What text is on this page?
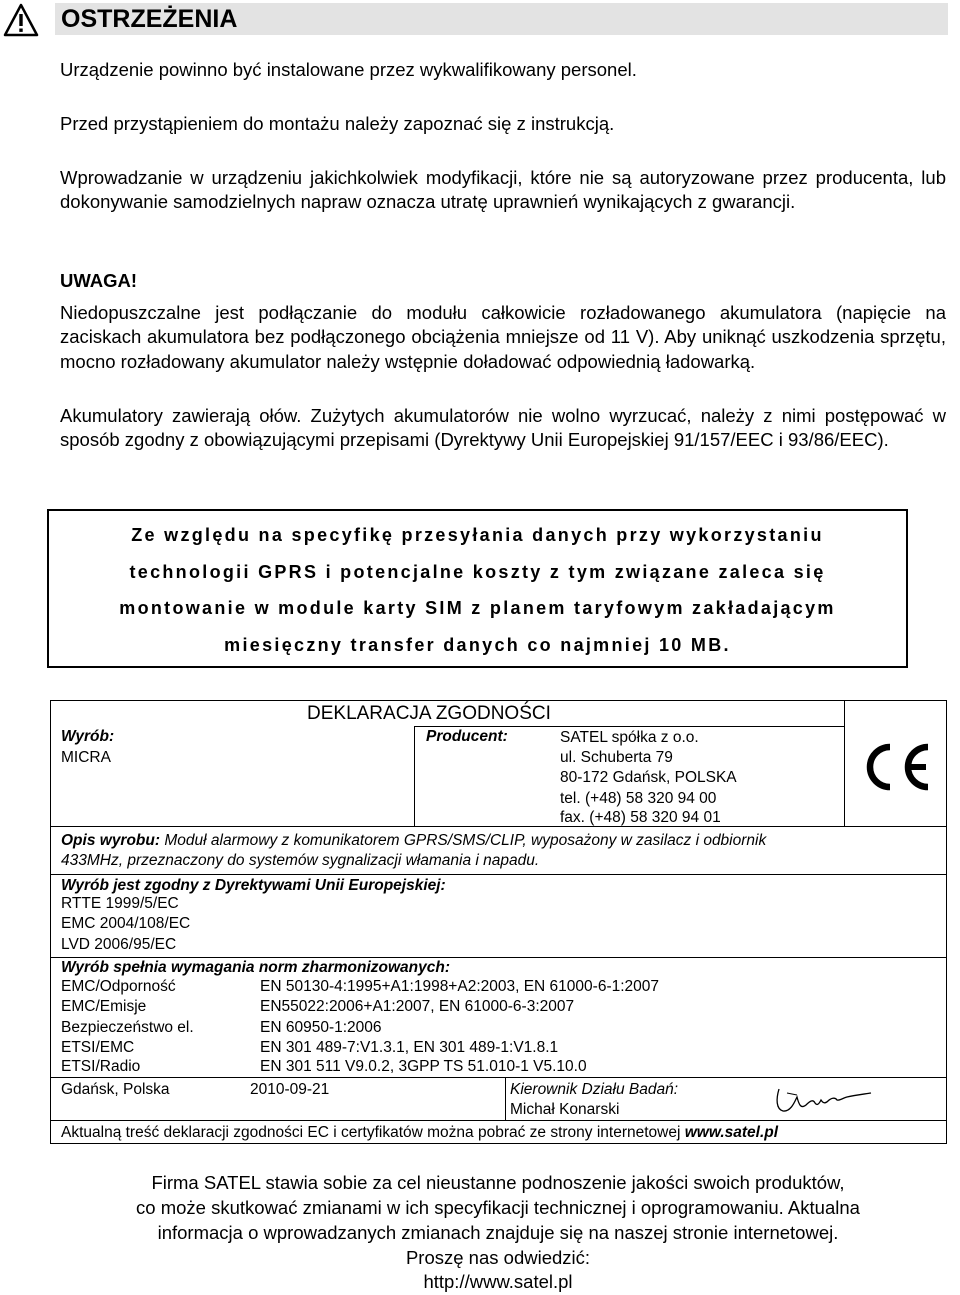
OSTRZEŻENIA
Urządzenie powinno być instalowane przez wykwalifikowany personel.
Przed przystąpieniem do montażu należy zapoznać się z instrukcją.
Wprowadzanie w urządzeniu jakichkolwiek modyfikacji, które nie są autoryzowane przez producenta, lub dokonywanie samodzielnych napraw oznacza utratę uprawnień wynikających z gwarancji.
UWAGA!
Niedopuszczalne jest podłączanie do modułu całkowicie rozładowanego akumulatora (napięcie na zaciskach akumulatora bez podłączonego obciążenia mniejsze od 11 V). Aby uniknąć uszkodzenia sprzętu, mocno rozładowany akumulator należy wstępnie doładować odpowiednią ładowarką.
Akumulatory zawierają ołów. Zużytych akumulatorów nie wolno wyrzucać, należy z nimi postępować w sposób zgodny z obowiązującymi przepisami (Dyrektywy Unii Europejskiej 91/157/EEC i 93/86/EEC).
Ze względu na specyfikę przesyłania danych przy wykorzystaniu
technologii GPRS i potencjalne koszty z tym związane zaleca się
montowanie w module karty SIM z planem taryfowym zakładającym
miesięczny transfer danych co najmniej 10 MB.
DEKLARACJA ZGODNOŚCI
Wyrób:
MICRA
Producent:	SATEL spółka z o.o.
ul. Schuberta 79
80-172 Gdańsk, POLSKA
tel. (+48) 58 320 94 00
fax. (+48) 58 320 94 01
Opis wyrobu: Moduł alarmowy z komunikatorem GPRS/SMS/CLIP, wyposażony w zasilacz i odbiornik
433MHz, przeznaczony do systemów sygnalizacji włamania i napadu.
Wyrób jest zgodny z Dyrektywami Unii Europejskiej:
RTTE 1999/5/EC
EMC 2004/108/EC
LVD 2006/95/EC
Wyrób spełnia wymagania norm zharmonizowanych:
EMC/Odporność	EN 50130-4:1995+A1:1998+A2:2003, EN 61000-6-1:2007
EMC/Emisje	EN55022:2006+A1:2007, EN 61000-6-3:2007
Bezpieczeństwo el.	EN 60950-1:2006
ETSI/EMC	EN 301 489-7:V1.3.1, EN 301 489-1:V1.8.1
ETSI/Radio	EN 301 511 V9.0.2, 3GPP TS 51.010-1 V5.10.0
Gdańsk, Polska	2010-09-21	Kierownik Działu Badań:
Michał Konarski
Aktualną treść deklaracji zgodności EC i certyfikatów można pobrać ze strony internetowej www.satel.pl
Firma SATEL stawia sobie za cel nieustanne podnoszenie jakości swoich produktów,
co może skutkować zmianami w ich specyfikacji technicznej i oprogramowaniu. Aktualna
informacja o wprowadzanych zmianach znajduje się na naszej stronie internetowej.
Proszę nas odwiedzić:
http://www.satel.pl
